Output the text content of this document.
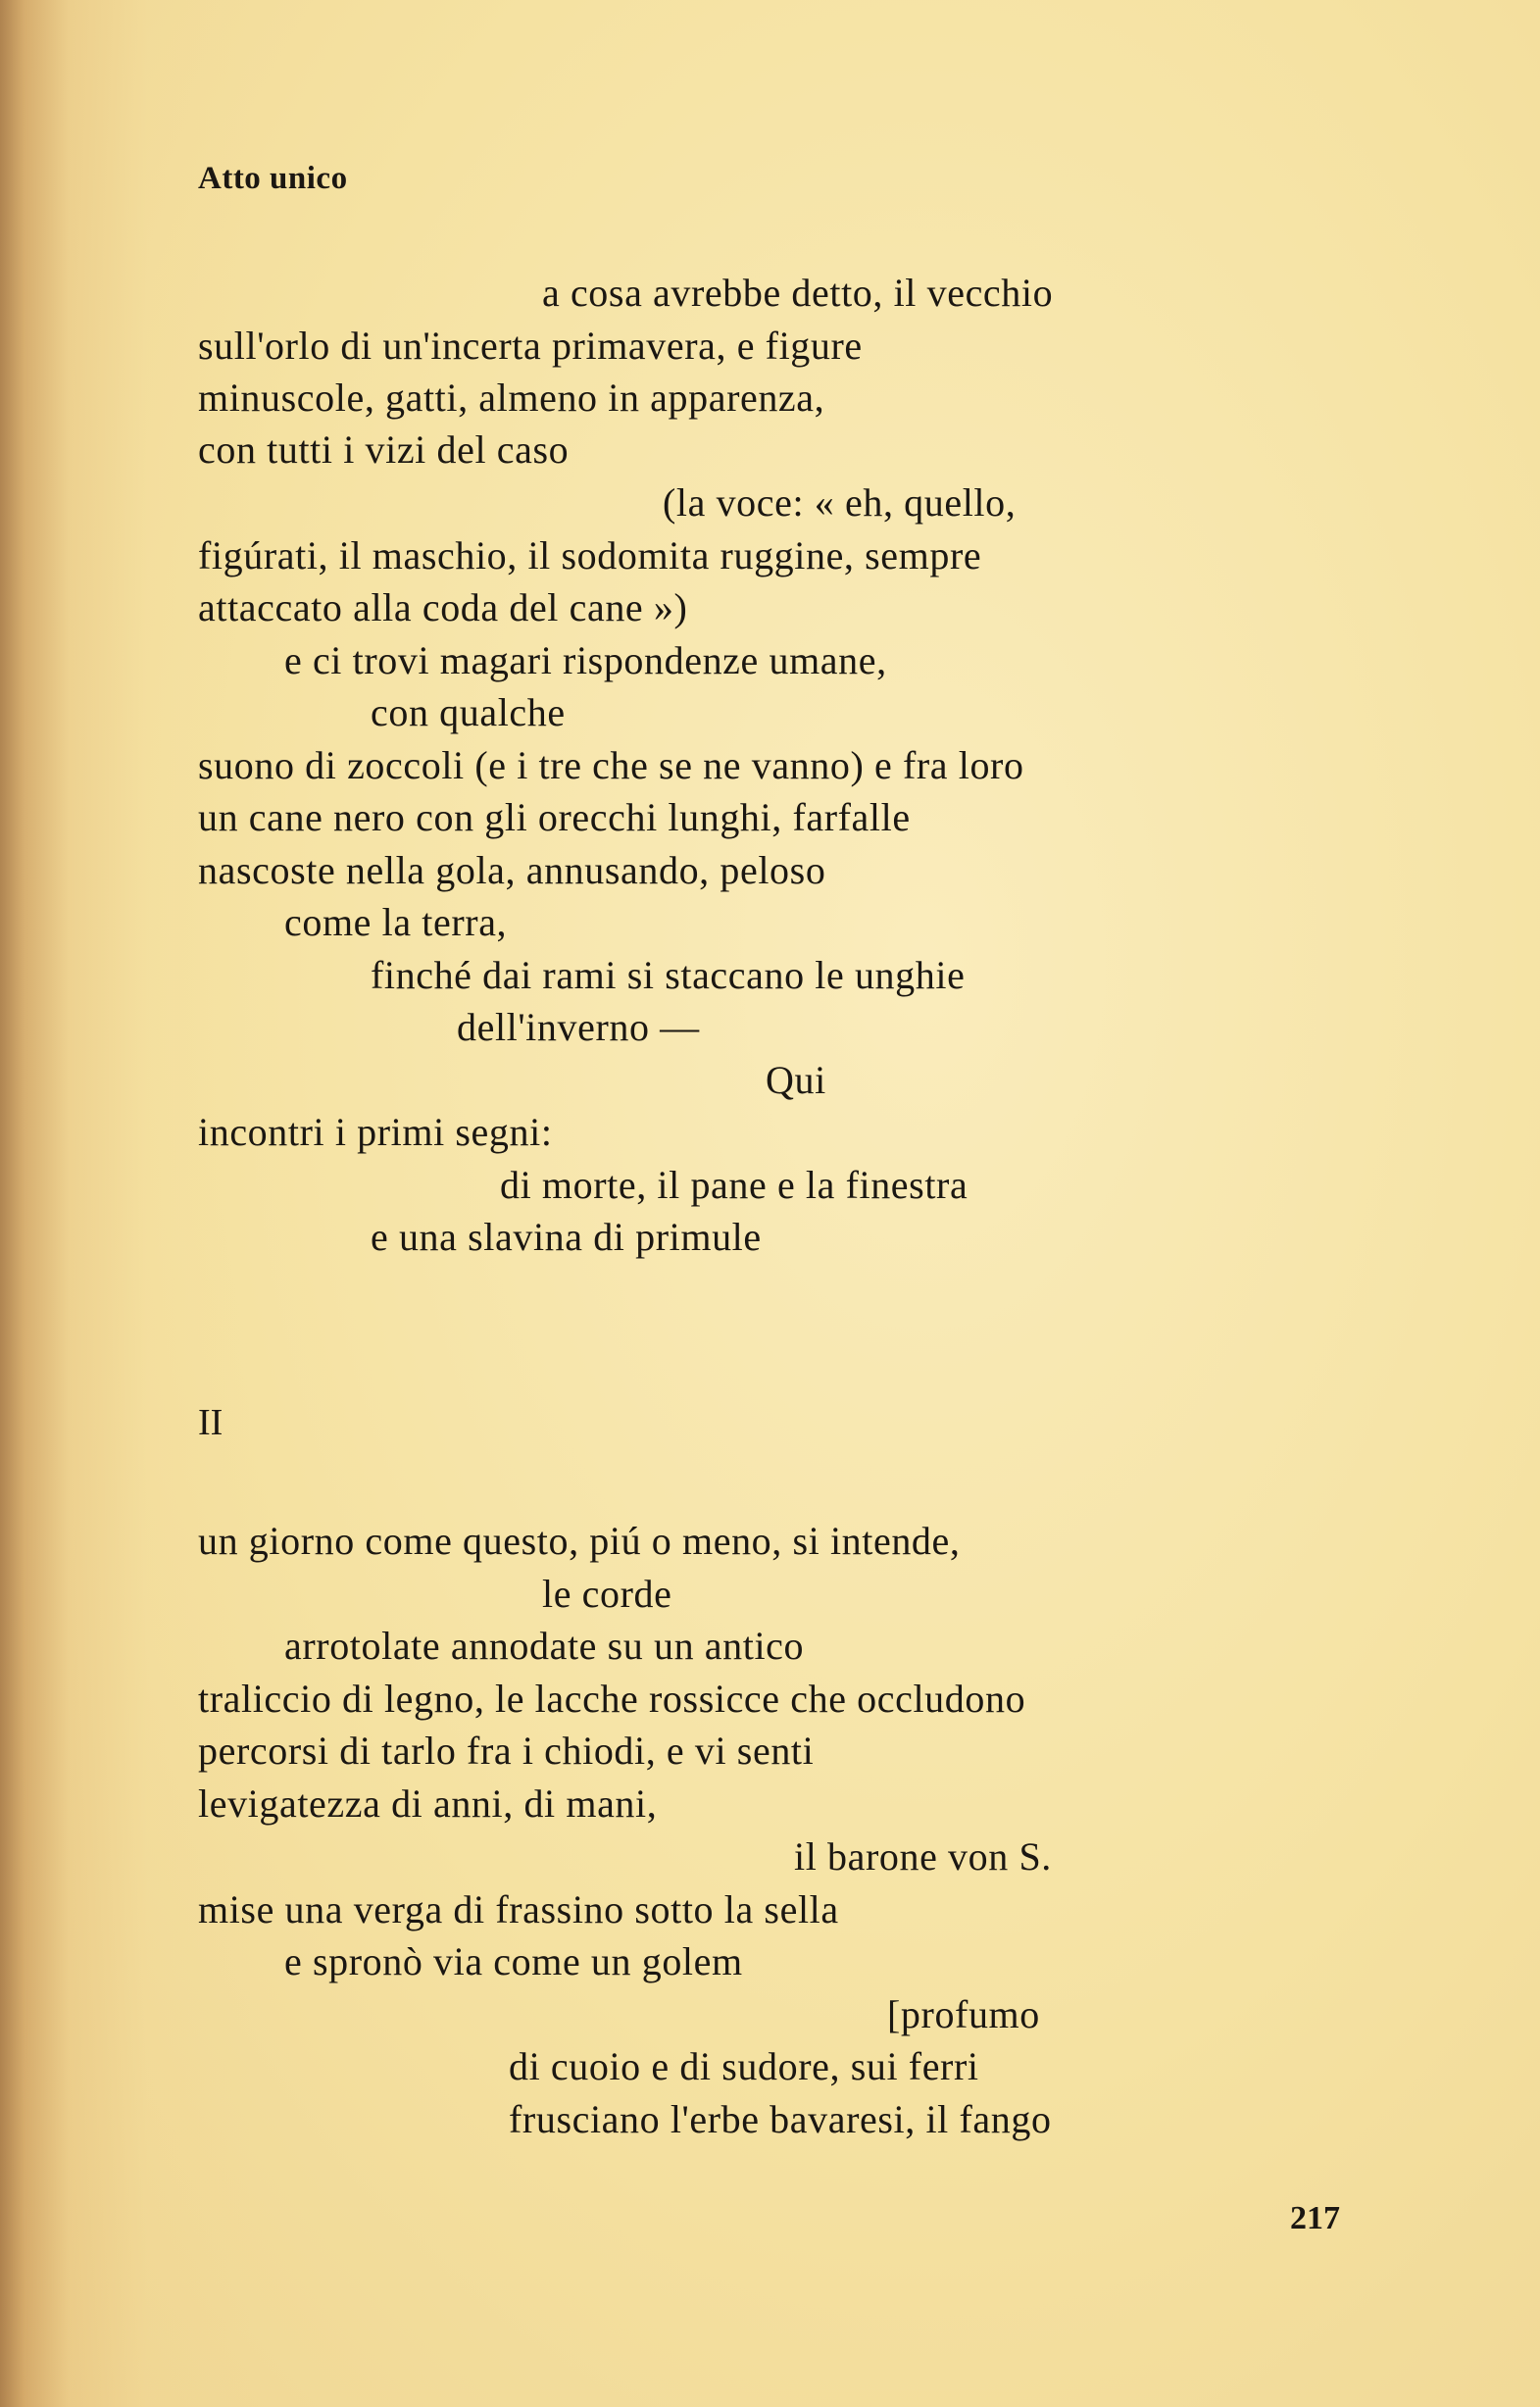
Atto unico
a cosa avrebbe detto, il vecchio
sull'orlo di un'incerta primavera, e figure
minuscole, gatti, almeno in apparenza,
con tutti i vizi del caso
(la voce: « eh, quello,
figúrati, il maschio, il sodomita ruggine, sempre
attaccato alla coda del cane »)
e ci trovi magari rispondenze umane,
con qualche
suono di zoccoli (e i tre che se ne vanno) e fra loro
un cane nero con gli orecchi lunghi, farfalle
nascoste nella gola, annusando, peloso
come la terra,
finché dai rami si staccano le unghie
dell'inverno —
Qui
incontri i primi segni:
di morte, il pane e la finestra
e una slavina di primule
II
un giorno come questo, piú o meno, si intende,
le corde
arrotolate annodate su un antico
traliccio di legno, le lacche rossicce che occludono
percorsi di tarlo fra i chiodi, e vi senti
levigatezza di anni, di mani,
il barone von S.
mise una verga di frassino sotto la sella
e spronò via come un golem
[profumo
di cuoio e di sudore, sui ferri
frusciano l'erbe bavaresi, il fango
217
